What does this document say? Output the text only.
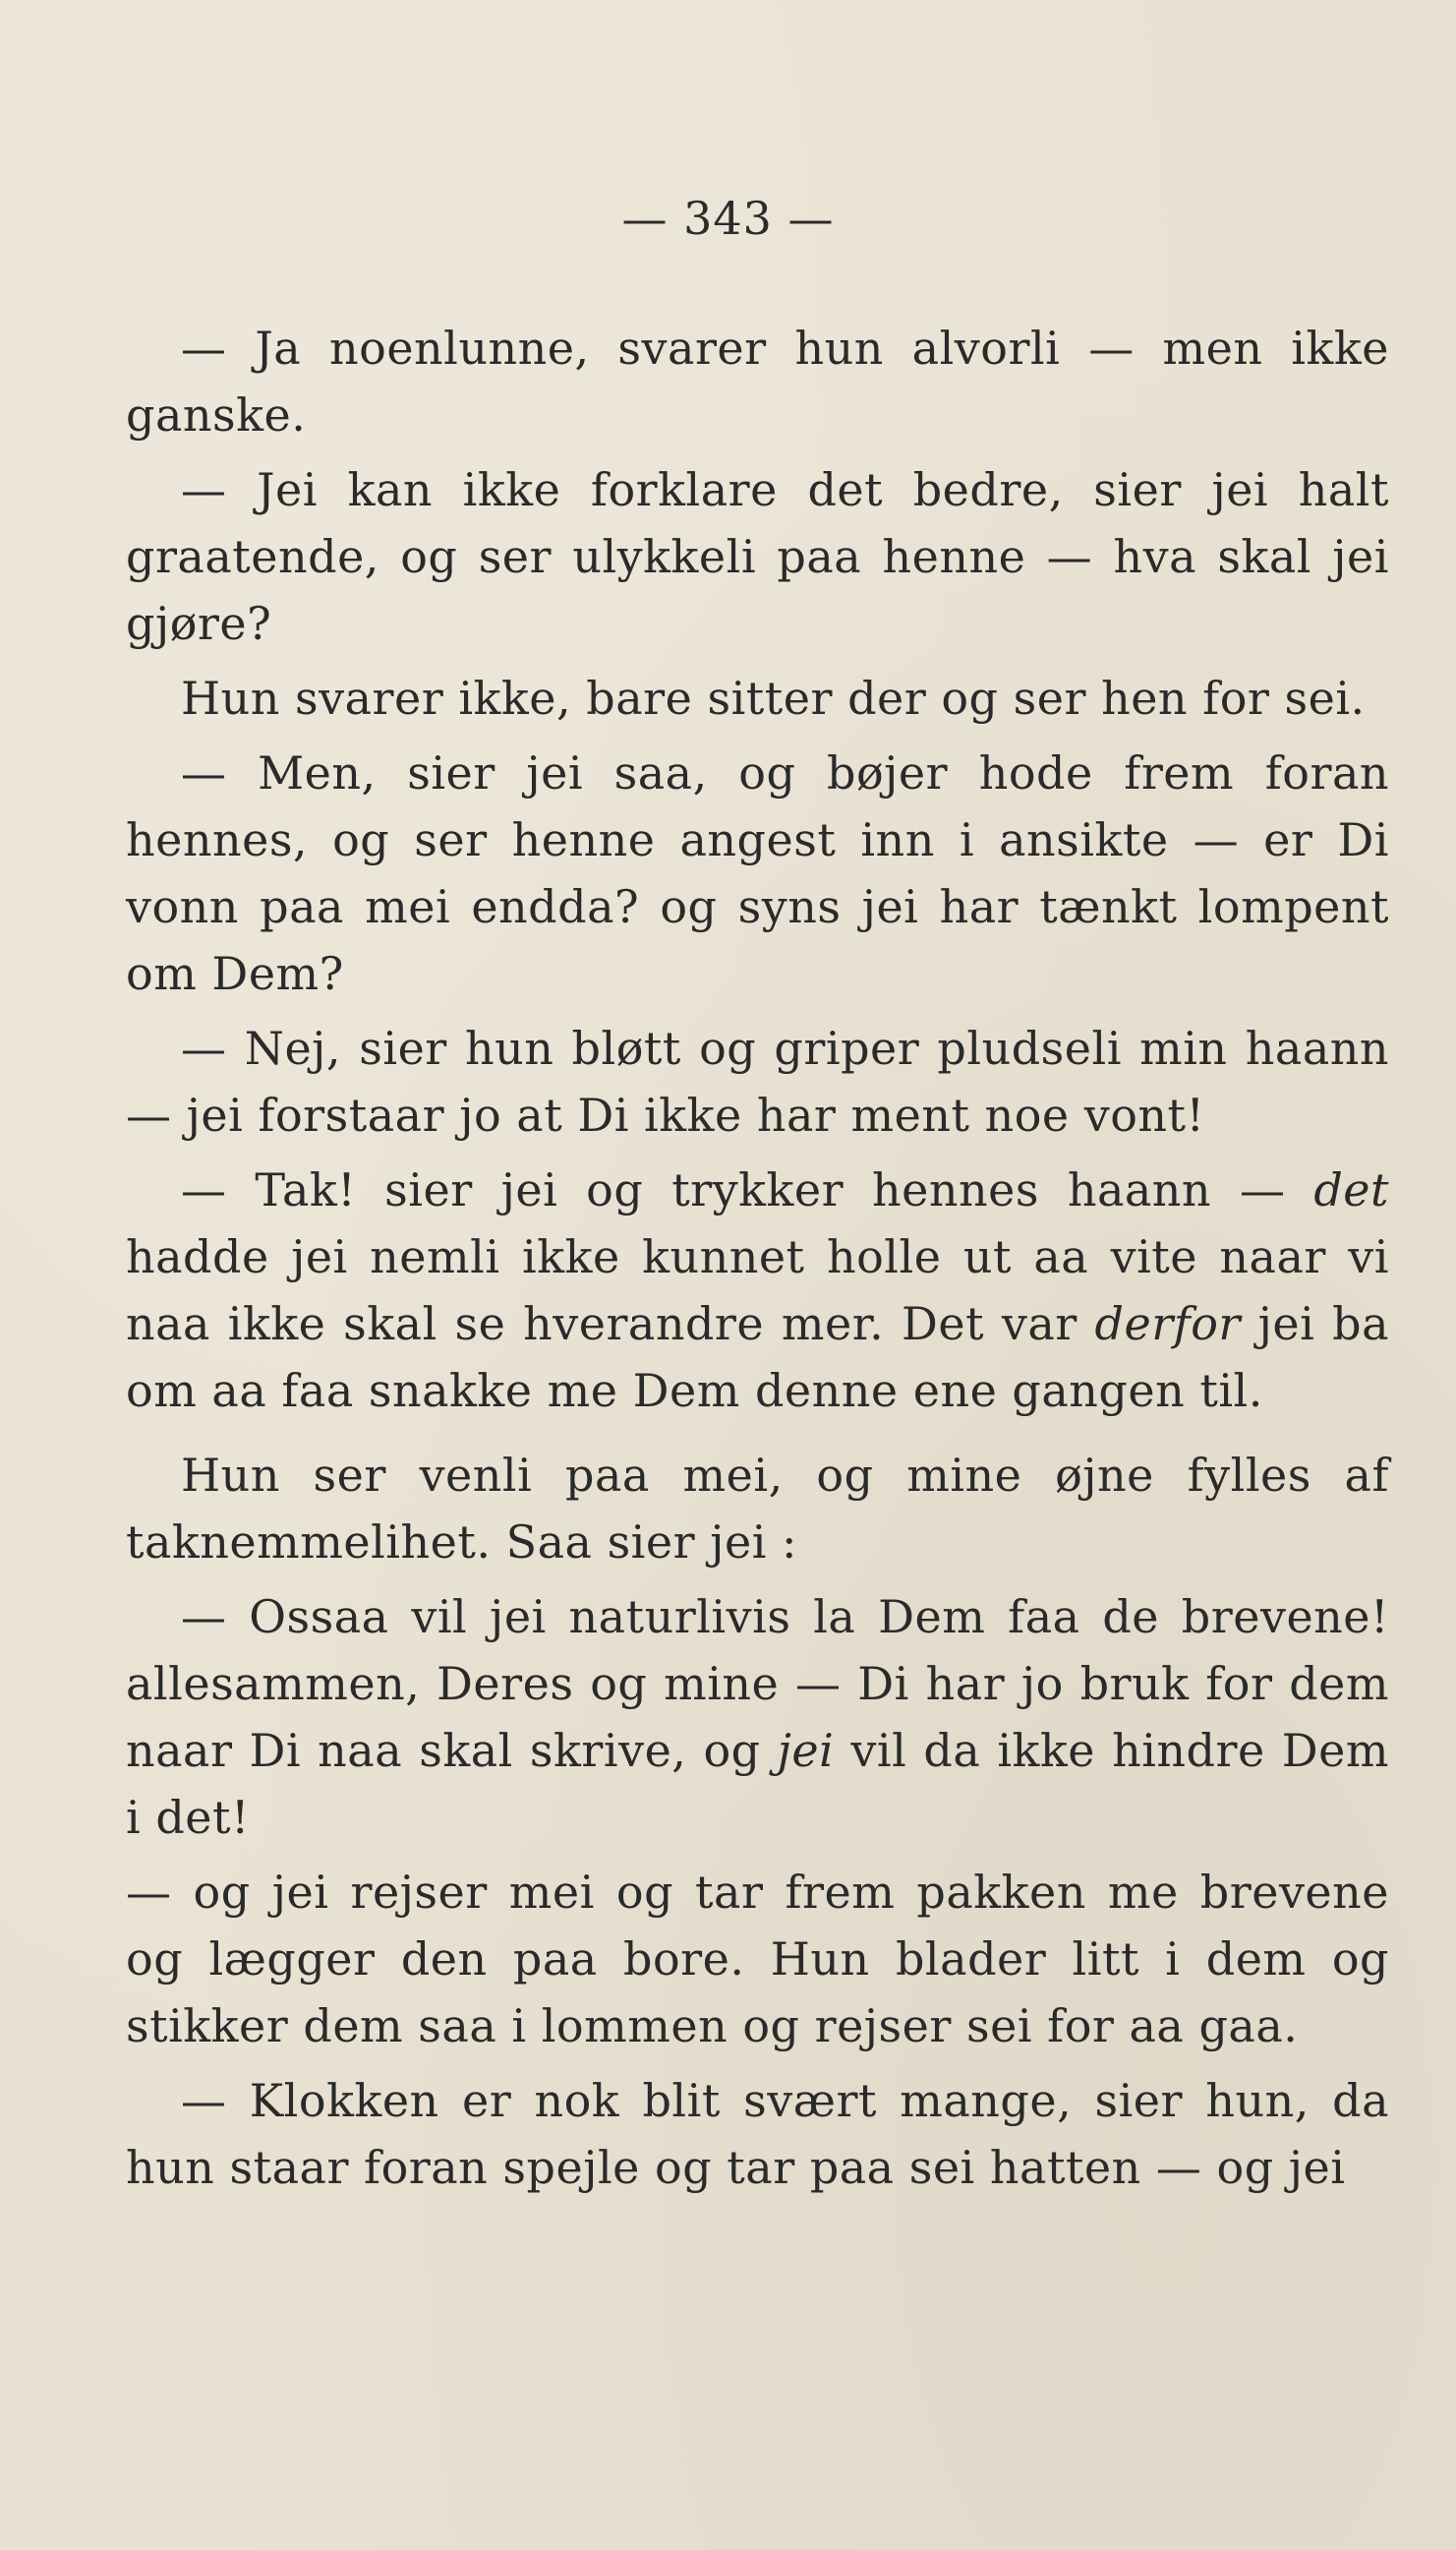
— 343 —

— Ja noenlunne, svarer hun alvorli — men ikke ganske.

— Jei kan ikke forklare det bedre, sier jei halt graatende, og ser ulykkeli paa henne — hva skal jei gjøre?

Hun svarer ikke, bare sitter der og ser hen for sei.

— Men, sier jei saa, og bøjer hode frem foran hennes, og ser henne angest inn i ansikte — er Di vonn paa mei endda? og syns jei har tænkt lompent om Dem?

— Nej, sier hun bløtt og griper pludseli min haann — jei forstaar jo at Di ikke har ment noe vont!

— Tak! sier jei og trykker hennes haann — det hadde jei nemli ikke kunnet holle ut aa vite naar vi naa ikke skal se hverandre mer. Det var derfor jei ba om aa faa snakke me Dem denne ene gangen til.

Hun ser venli paa mei, og mine øjne fylles af taknemmelihet. Saa sier jei :

— Ossaa vil jei naturlivis la Dem faa de brevene! allesammen, Deres og mine — Di har jo bruk for dem naar Di naa skal skrive, og jei vil da ikke hindre Dem i det!

— og jei rejser mei og tar frem pakken me brevene og lægger den paa bore. Hun blader litt i dem og stikker dem saa i lommen og rejser sei for aa gaa.

— Klokken er nok blit svært mange, sier hun, da hun staar foran spejle og tar paa sei hatten — og jei
